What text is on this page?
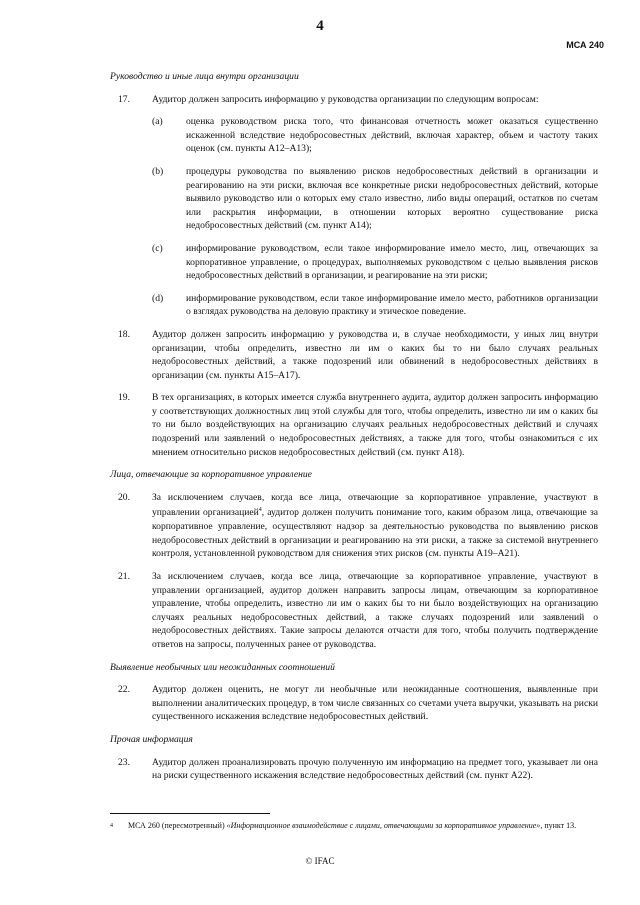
4
МСА 240
Руководство и иные лица внутри организации
17.	Аудитор должен запросить информацию у руководства организации по следующим вопросам:
(a)	оценка руководством риска того, что финансовая отчетность может оказаться существенно искаженной вследствие недобросовестных действий, включая характер, объем и частоту таких оценок (см. пункты А12–А13);
(b)	процедуры руководства по выявлению рисков недобросовестных действий в организации и реагированию на эти риски, включая все конкретные риски недобросовестных действий, которые выявило руководство или о которых ему стало известно, либо виды операций, остатков по счетам или раскрытия информации, в отношении которых вероятно существование риска недобросовестных действий (см. пункт А14);
(c)	информирование руководством, если такое информирование имело место, лиц, отвечающих за корпоративное управление, о процедурах, выполняемых руководством с целью выявления рисков недобросовестных действий в организации, и реагирование на эти риски;
(d)	информирование руководством, если такое информирование имело место, работников организации о взглядах руководства на деловую практику и этическое поведение.
18.	Аудитор должен запросить информацию у руководства и, в случае необходимости, у иных лиц внутри организации, чтобы определить, известно ли им о каких бы то ни было случаях реальных недобросовестных действий, а также подозрений или обвинений в недобросовестных действиях в организации (см. пункты А15–А17).
19.	В тех организациях, в которых имеется служба внутреннего аудита, аудитор должен запросить информацию у соответствующих должностных лиц этой службы для того, чтобы определить, известно ли им о каких бы то ни было воздействующих на организацию случаях реальных недобросовестных действий и случаях подозрений или заявлений о недобросовестных действиях, а также для того, чтобы ознакомиться с их мнением относительно рисков недобросовестных действий (см. пункт А18).
Лица, отвечающие за корпоративное управление
20.	За исключением случаев, когда все лица, отвечающие за корпоративное управление, участвуют в управлении организацией$^4$, аудитор должен получить понимание того, каким образом лица, отвечающие за корпоративное управление, осуществляют надзор за деятельностью руководства по выявлению рисков недобросовестных действий в организации и реагированию на эти риски, а также за системой внутреннего контроля, установленной руководством для снижения этих рисков (см. пункты А19–А21).
21.	За исключением случаев, когда все лица, отвечающие за корпоративное управление, участвуют в управлении организацией, аудитор должен направить запросы лицам, отвечающим за корпоративное управление, чтобы определить, известно ли им о каких бы то ни было воздействующих на организацию случаях реальных недобросовестных действий, а также случаях подозрений или заявлений о недобросовестных действиях. Такие запросы делаются отчасти для того, чтобы получить подтверждение ответов на запросы, полученных ранее от руководства.
Выявление необычных или неожиданных соотношений
22.	Аудитор должен оценить, не могут ли необычные или неожиданные соотношения, выявленные при выполнении аналитических процедур, в том числе связанных со счетами учета выручки, указывать на риски существенного искажения вследствие недобросовестных действий.
Прочая информация
23.	Аудитор должен проанализировать прочую полученную им информацию на предмет того, указывает ли она на риски существенного искажения вследствие недобросовестных действий (см. пункт А22).
4	МСА 260 (пересмотренный) «Информационное взаимодействие с лицами, отвечающими за корпоративное управление», пункт 13.
© IFAC
